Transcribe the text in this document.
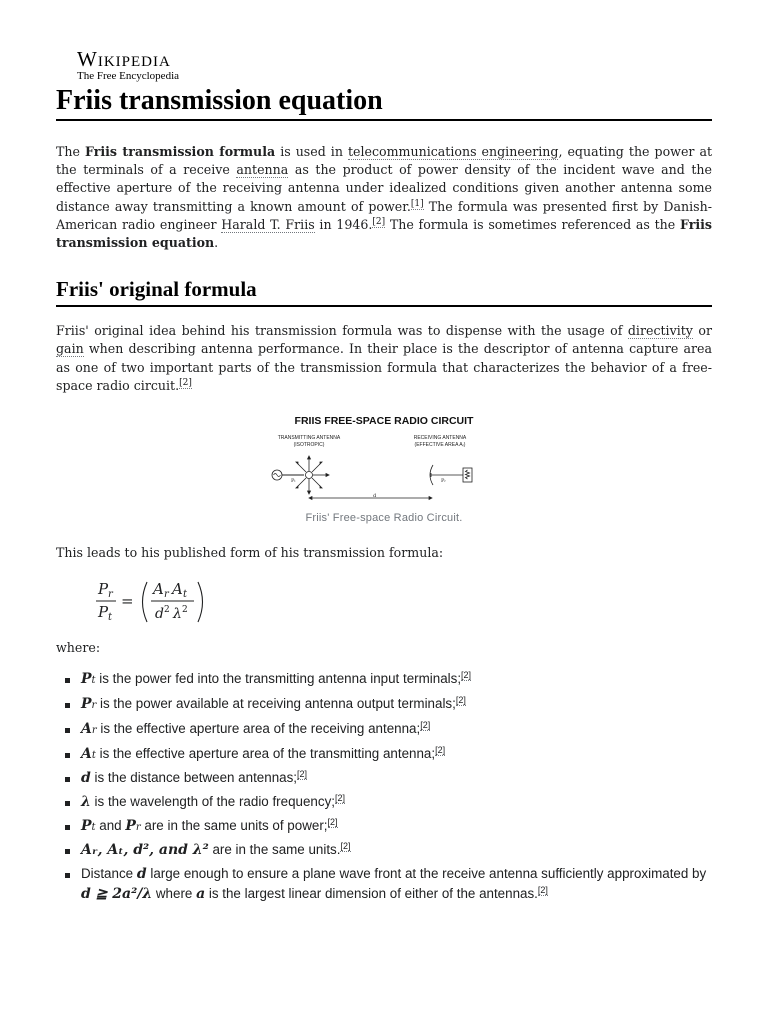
Wikipedia
The Free Encyclopedia
Friis transmission equation

The Friis transmission formula is used in telecommunications engineering, equating the power at the terminals of a receive antenna as the product of power density of the incident wave and the effective aperture of the receiving antenna under idealized conditions given another antenna some distance away transmitting a known amount of power.[1] The formula was presented first by Danish-American radio engineer Harald T. Friis in 1946.[2] The formula is sometimes referenced as the Friis transmission equation.

Friis' original formula

Friis' original idea behind his transmission formula was to dispense with the usage of directivity or gain when describing antenna performance. In their place is the descriptor of antenna capture area as one of two important parts of the transmission formula that characterizes the behavior of a free-space radio circuit.[2]

FRIIS FREE-SPACE RADIO CIRCUIT
TRANSMITTING ANTENNA
(ISOTROPIC)
RECEIVING ANTENNA
(EFFECTIVE AREA Aᵣ)
Pₜ	Pᵣ
d
Friis' Free-space Radio Circuit.

This leads to his published form of his transmission formula:

P r
P t
=
A r A t
d 2 λ 2

where:

Pt is the power fed into the transmitting antenna input terminals;[2]
Pr is the power available at receiving antenna output terminals;[2]
Ar is the effective aperture area of the receiving antenna;[2]
At is the effective aperture area of the transmitting antenna;[2]
d is the distance between antennas;[2]
λ is the wavelength of the radio frequency;[2]
Pt and Pr are in the same units of power;[2]
Aᵣ, Aₜ, d², and λ² are in the same units.[2]
Distance d large enough to ensure a plane wave front at the receive antenna sufficiently approximated by d ≧ 2a²/λ where a is the largest linear dimension of either of the antennas.[2]
